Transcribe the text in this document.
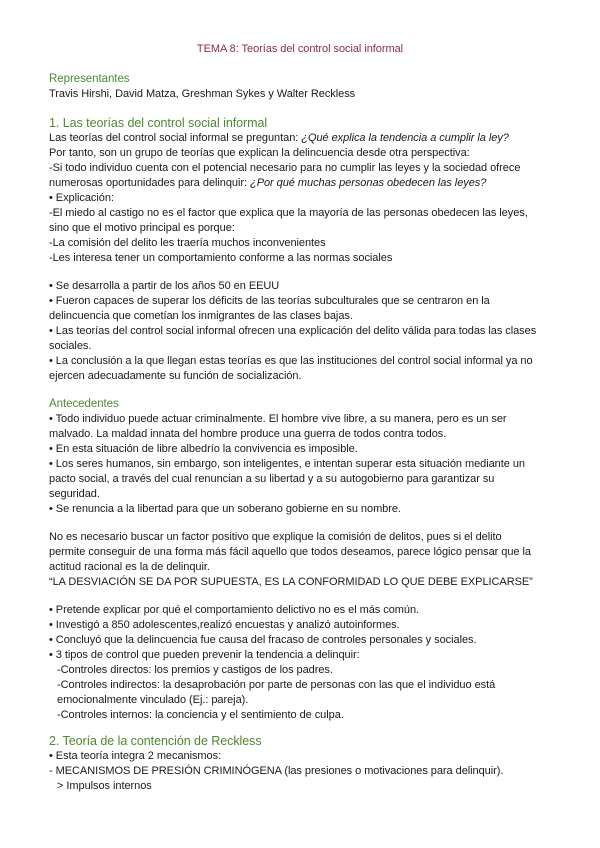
TEMA 8: Teorías del control social informal
Representantes
Travis Hirshi, David Matza, Greshman Sykes y Walter Reckless
1. Las teorías del control social informal
Las teorías del control social informal se preguntan: ¿Qué explica la tendencia a cumplir la ley?
Por tanto, son un grupo de teorías que explican la delincuencia desde otra perspectiva:
-Si todo individuo cuenta con el potencial necesario para no cumplir las leyes y la sociedad ofrece
numerosas oportunidades para delinquir: ¿Por qué muchas personas obedecen las leyes?
• Explicación:
-El miedo al castigo no es el factor que explica que la mayoría de las personas obedecen las leyes,
sino que el motivo principal es porque:
-La comisión del delito les traería muchos inconvenientes
-Les interesa tener un comportamiento conforme a las normas sociales
• Se desarrolla a partir de los años 50 en EEUU
• Fueron capaces de superar los déficits de las teorías subculturales que se centraron en la
delincuencia que cometían los inmigrantes de las clases bajas.
• Las teorías del control social informal ofrecen una explicación del delito válida para todas las clases
sociales.
• La conclusión a la que llegan estas teorías es que las instituciones del control social informal ya no
ejercen adecuadamente su función de socialización.
Antecedentes
• Todo individuo puede actuar criminalmente. El hombre vive libre, a su manera, pero es un ser
malvado. La maldad innata del hombre produce una guerra de todos contra todos.
• En esta situación de libre albedrío la convivencia es imposible.
• Los seres humanos, sin embargo, son inteligentes, e intentan superar esta situación mediante un
pacto social, a través del cual renuncian a su libertad y a su autogobierno para garantizar su
seguridad.
• Se renuncia a la libertad para que un soberano gobierne en su nombre.
No es necesario buscar un factor positivo que explique la comisión de delitos, pues si el delito
permite conseguir de una forma más fácil aquello que todos deseamos, parece lógico pensar que la
actitud racional es la de delinquir.
“LA DESVIACIÓN SE DA POR SUPUESTA, ES LA CONFORMIDAD LO QUE DEBE EXPLICARSE”
• Pretende explicar por qué el comportamiento delictivo no es el más común.
• Investigó a 850 adolescentes,realizó encuestas y analizó autoinformes.
• Concluyó que la delincuencia fue causa del fracaso de controles personales y sociales.
• 3 tipos de control que pueden prevenir la tendencia a delinquir:
-Controles directos: los premios y castigos de los padres.
-Controles indirectos: la desaprobación por parte de personas con las que el individuo está
emocionalmente vinculado (Ej.: pareja).
-Controles internos: la conciencia y el sentimiento de culpa.
2. Teoría de la contención de Reckless
• Esta teoría integra 2 mecanismos:
- MECANISMOS DE PRESIÓN CRIMINÓGENA (las presiones o motivaciones para delinquir).
> Impulsos internos
